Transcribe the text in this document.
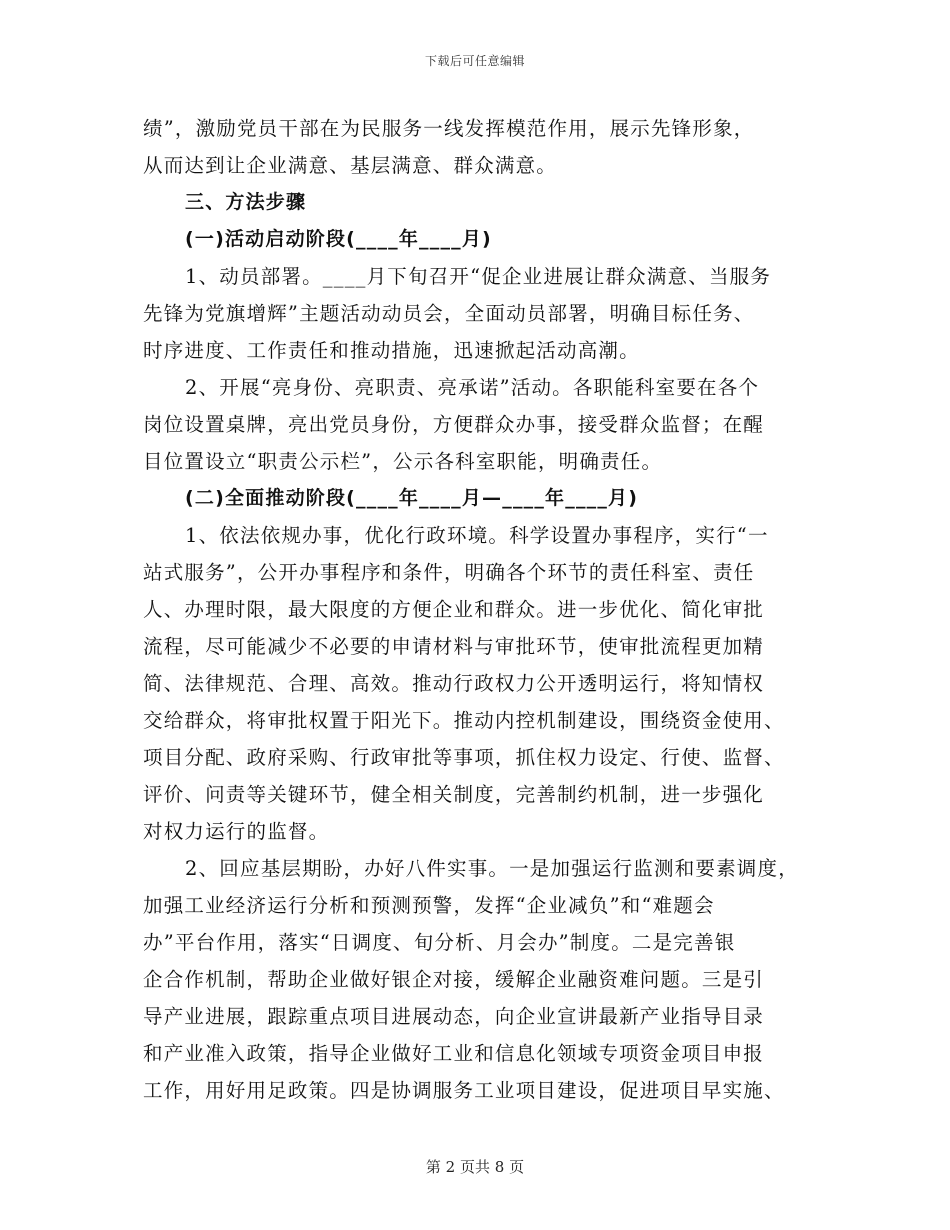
下载后可任意编辑
绩”，激励党员干部在为民服务一线发挥模范作用，展示先锋形象，
从而达到让企业满意、基层满意、群众满意。
三、方法步骤
(一)活动启动阶段(____年____月)
1、动员部署。____月下旬召开“促企业进展让群众满意、当服务
先锋为党旗增辉”主题活动动员会，全面动员部署，明确目标任务、
时序进度、工作责任和推动措施，迅速掀起活动高潮。
2、开展“亮身份、亮职责、亮承诺”活动。各职能科室要在各个
岗位设置桌牌，亮出党员身份，方便群众办事，接受群众监督；在醒
目位置设立“职责公示栏”，公示各科室职能，明确责任。
(二)全面推动阶段(____年____月—____年____月)
1、依法依规办事，优化行政环境。科学设置办事程序，实行“一
站式服务”，公开办事程序和条件，明确各个环节的责任科室、责任
人、办理时限，最大限度的方便企业和群众。进一步优化、简化审批
流程，尽可能减少不必要的申请材料与审批环节，使审批流程更加精
简、法律规范、合理、高效。推动行政权力公开透明运行，将知情权
交给群众，将审批权置于阳光下。推动内控机制建设，围绕资金使用、
项目分配、政府采购、行政审批等事项，抓住权力设定、行使、监督、
评价、问责等关键环节，健全相关制度，完善制约机制，进一步强化
对权力运行的监督。
2、回应基层期盼，办好八件实事。一是加强运行监测和要素调度，
加强工业经济运行分析和预测预警，发挥“企业减负”和“难题会
办”平台作用，落实“日调度、旬分析、月会办”制度。二是完善银
企合作机制，帮助企业做好银企对接，缓解企业融资难问题。三是引
导产业进展，跟踪重点项目进展动态，向企业宣讲最新产业指导目录
和产业准入政策，指导企业做好工业和信息化领域专项资金项目申报
工作，用好用足政策。四是协调服务工业项目建设，促进项目早实施、
第 2 页共 8 页
